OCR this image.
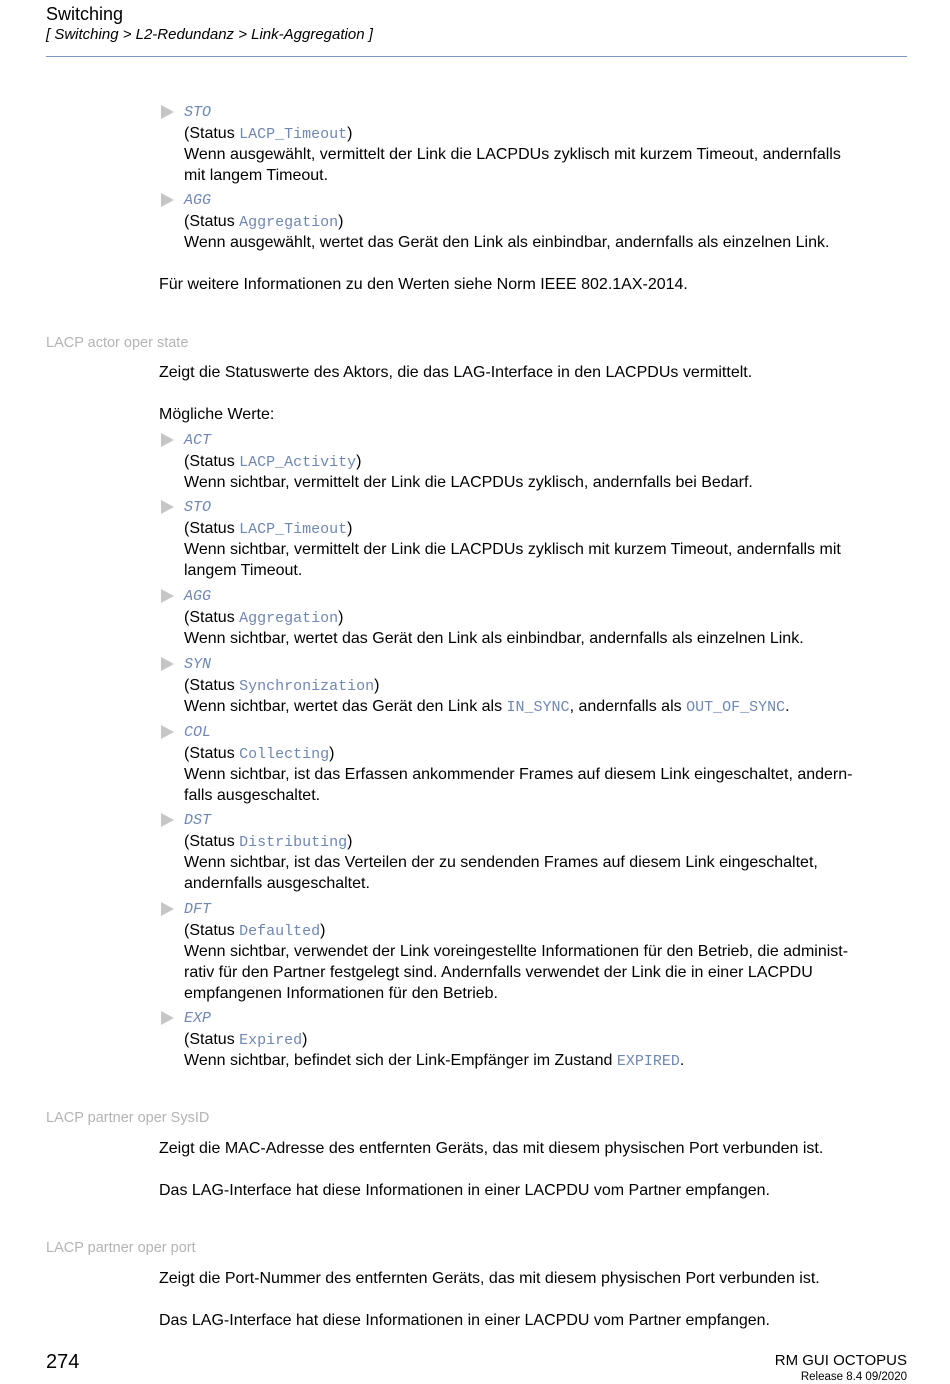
Switching
[ Switching > L2-Redundanz > Link-Aggregation ]
STO
(Status LACP_Timeout)
Wenn ausgewählt, vermittelt der Link die LACPDUs zyklisch mit kurzem Timeout, andernfalls
mit langem Timeout.
AGG
(Status Aggregation)
Wenn ausgewählt, wertet das Gerät den Link als einbindbar, andernfalls als einzelnen Link.
Für weitere Informationen zu den Werten siehe Norm IEEE 802.1AX-2014.
LACP actor oper state
Zeigt die Statuswerte des Aktors, die das LAG-Interface in den LACPDUs vermittelt.
Mögliche Werte:
ACT
(Status LACP_Activity)
Wenn sichtbar, vermittelt der Link die LACPDUs zyklisch, andernfalls bei Bedarf.
STO
(Status LACP_Timeout)
Wenn sichtbar, vermittelt der Link die LACPDUs zyklisch mit kurzem Timeout, andernfalls mit
langem Timeout.
AGG
(Status Aggregation)
Wenn sichtbar, wertet das Gerät den Link als einbindbar, andernfalls als einzelnen Link.
SYN
(Status Synchronization)
Wenn sichtbar, wertet das Gerät den Link als IN_SYNC, andernfalls als OUT_OF_SYNC.
COL
(Status Collecting)
Wenn sichtbar, ist das Erfassen ankommender Frames auf diesem Link eingeschaltet, andern-
falls ausgeschaltet.
DST
(Status Distributing)
Wenn sichtbar, ist das Verteilen der zu sendenden Frames auf diesem Link eingeschaltet,
andernfalls ausgeschaltet.
DFT
(Status Defaulted)
Wenn sichtbar, verwendet der Link voreingestellte Informationen für den Betrieb, die administ-
rativ für den Partner festgelegt sind. Andernfalls verwendet der Link die in einer LACPDU
empfangenen Informationen für den Betrieb.
EXP
(Status Expired)
Wenn sichtbar, befindet sich der Link-Empfänger im Zustand EXPIRED.
LACP partner oper SysID
Zeigt die MAC-Adresse des entfernten Geräts, das mit diesem physischen Port verbunden ist.
Das LAG-Interface hat diese Informationen in einer LACPDU vom Partner empfangen.
LACP partner oper port
Zeigt die Port-Nummer des entfernten Geräts, das mit diesem physischen Port verbunden ist.
Das LAG-Interface hat diese Informationen in einer LACPDU vom Partner empfangen.
274	RM GUI OCTOPUS
Release 8.4 09/2020
